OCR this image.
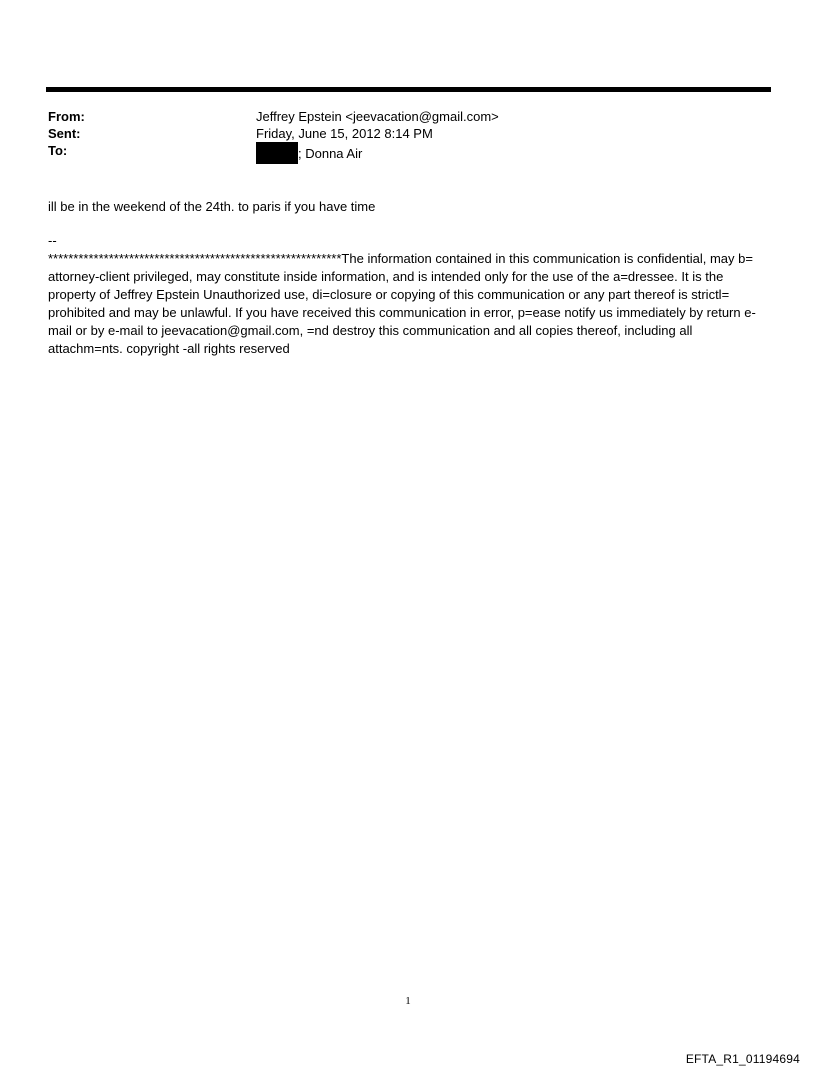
From:	Jeffrey Epstein <jeevacation@gmail.com>
Sent:	Friday, June 15, 2012 8:14 PM
To:	; Donna Air

ill be in the weekend of the 24th. to paris if you have time

--

**********************************************************The information contained in this communication is confidential, may b= attorney-client privileged, may constitute inside information, and is intended only for the use of the a=dressee. It is the property of Jeffrey Epstein Unauthorized use, di=closure or copying of this communication or any part thereof is strictl= prohibited and may be unlawful. If you have received this communication in error, p=ease notify us immediately by return e-mail or by e-mail to jeevacation@gmail.com, =nd destroy this communication and all copies thereof, including all attachm=nts. copyright -all rights reserved

1
EFTA_R1_01194694
